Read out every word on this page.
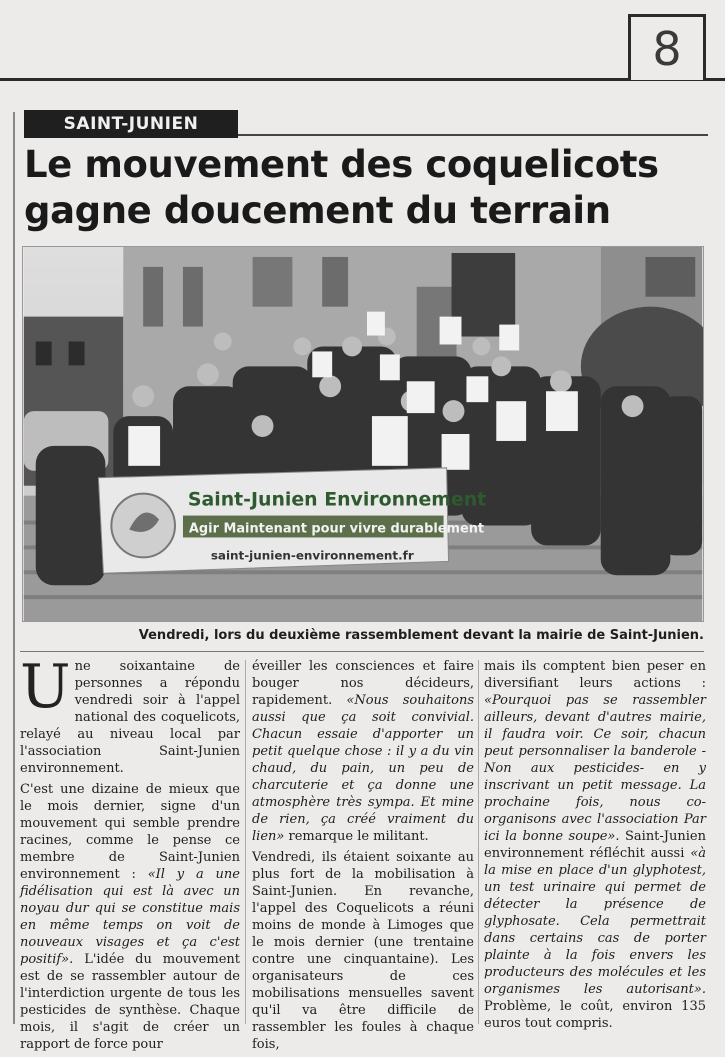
8
SAINT-JUNIEN
Le mouvement des coquelicots
gagne doucement du terrain
Saint-Junien Environnement
Agir Maintenant pour vivre durablement
saint-junien-environnement.fr

Vendredi, lors du deuxième rassemblement devant la mairie de Saint-Junien.

Une soixantaine de personnes a répondu vendredi soir à l'appel national des coquelicots, relayé au niveau local par l'association Saint-Junien environnement.

C'est une dizaine de mieux que le mois dernier, signe d'un mouvement qui semble prendre racines, comme le pense ce membre de Saint-Junien environnement : «Il y a une fidélisation qui est là avec un noyau dur qui se constitue mais en même temps on voit de nouveaux visages et ça c'est positif». L'idée du mouvement est de se rassembler autour de l'interdiction urgente de tous les pesticides de synthèse. Chaque mois, il s'agit de créer un rapport de force pour

éveiller les consciences et faire bouger nos décideurs, rapidement. «Nous souhaitons aussi que ça soit convivial. Chacun essaie d'apporter un petit quelque chose : il y a du vin chaud, du pain, un peu de charcuterie et ça donne une atmosphère très sympa. Et mine de rien, ça créé vraiment du lien» remarque le militant.

Vendredi, ils étaient soixante au plus fort de la mobilisation à Saint-Junien. En revanche, l'appel des Coquelicots a réuni moins de monde à Limoges que le mois dernier (une trentaine contre une cinquantaine). Les organisateurs de ces mobilisations mensuelles savent qu'il va être difficile de rassembler les foules à chaque fois,

mais ils comptent bien peser en diversifiant leurs actions : «Pourquoi pas se rassembler ailleurs, devant d'autres mairie, il faudra voir. Ce soir, chacun peut personnaliser la banderole -Non aux pesticides- en y inscrivant un petit message. La prochaine fois, nous co-organisons avec l'association Par ici la bonne soupe». Saint-Junien environnement réfléchit aussi «à la mise en place d'un glyphotest, un test urinaire qui permet de détecter la présence de glyphosate. Cela permettrait dans certains cas de porter plainte à la fois envers les producteurs des molécules et les organismes les autorisant». Problème, le coût, environ 135 euros tout compris.
